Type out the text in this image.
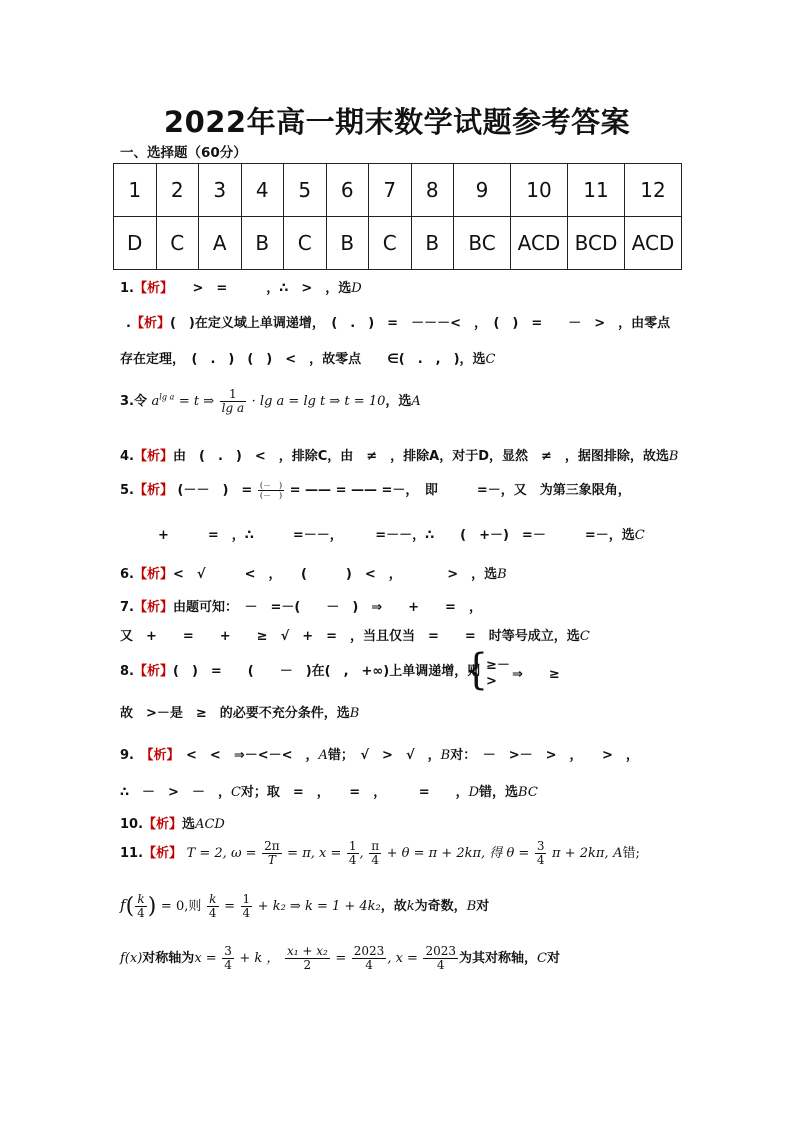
2022年高一期末数学试题参考答案
一、选择题（60分）
1	2	3	4	5	6	7	8	9	10	11	12
D	C	A	B	C	B	C	B	BC	ACD	BCD	ACD
1.【析】　　>　=　　　，∴　>　，选D
.【析】(　)在定义域上单调递增，　(　.　)　=　－－－<　，　(　)　=　　－　>　，由零点
存在定理，　(　.　)　(　)　<　，故零点　　∈(　.　,　)，选C
3.令 $a^{lg a} = t$ ⇒ $\frac{1}{\text{lg a}} \cdot \lg a = \lg t$ ⇒ t = 10，选A
4.【析】由　(　.　)　<　，排除C，由　≠　，排除A，对于D，显然　≠　，据图排除，故选B
5.【析】 (－－　)　= $\frac{(- )}{(- )}$ = —— = —— =－，　即　　　=－，又　为第三象限角，
+　　　=　，∴　　　=－－，　　　=－－，∴　　(　+－)　=－　　　=－，选C
6.【析】<　√　　　<　，　　(　　　)　<　，　　　　>　，选B
7.【析】由题可知：　－　=－(　　－　)　⇒　　+　　=　，
又　+　　=　　+　　≥　√　+　=　，当且仅当　=　　=　时等号成立，选C
8.【析】(　)　=　　(　　－　)在(　,　+∞)上单调递增，则
{
≥－
> ⇒　　≥
故　>－是　≥　的必要不充分条件，选B
9.　 【析】　 <　<　⇒－<－<　，A错；　√　>　√　，B对：　－　>－　>　，　　>　，
∴　－　>　－　，C对；取　=　，　　=　，　　　=　　，D错，选BC
10.【析】选ACD
11.【析】 T = 2, $\omega = \frac{2\pi}{T} = \pi$, $x = \frac{1}{4}$ , $\frac{\pi}{4} + \theta = \pi + 2k\pi$, 得 $\theta = \frac{3}{4}$ π + 2kπ, A错;
$f( \frac{k}{4}$ ) = 0,则 $\frac{k}{4} = \frac{1}{4} + k_2$ ⇒ k = 1 + 4k₂，故k为奇数，B对
f(x)对称轴为$x = \frac{3}{4} + k$ ， $\frac{\text{x₁ + x₂}}{2} = \frac{2023}{4}$ , $x = \frac{2023}{4}$ 为其对称轴，C对
